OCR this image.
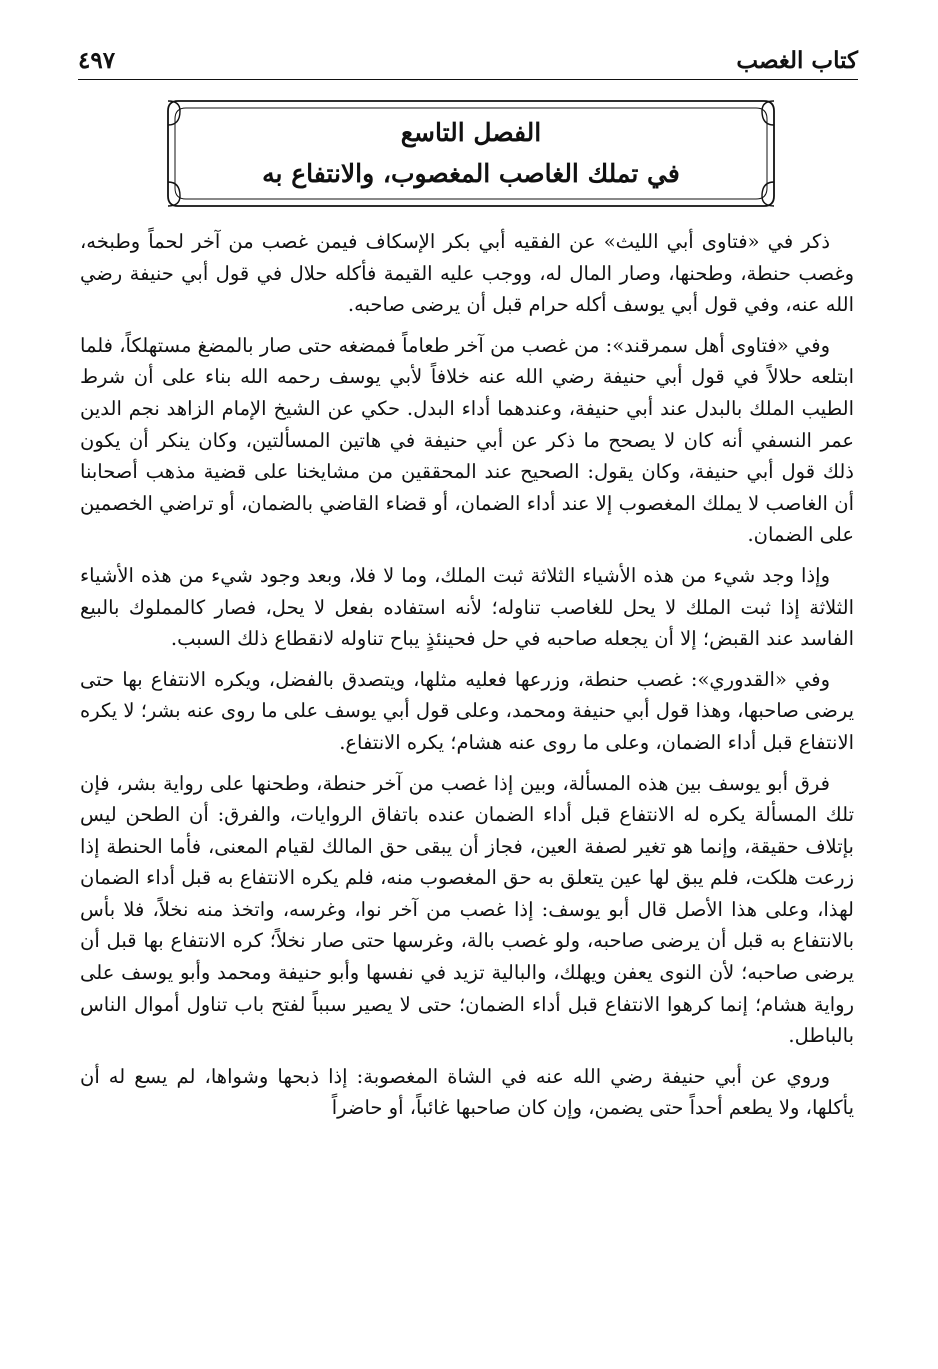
كتاب الغصب
٤٩٧
الفصل التاسع
في تملك الغاصب المغصوب، والانتفاع به

ذكر في «فتاوى أبي الليث» عن الفقيه أبي بكر الإسكاف فيمن غصب من آخر لحماً وطبخه، وغصب حنطة، وطحنها، وصار المال له، ووجب عليه القيمة فأكله حلال في قول أبي حنيفة رضي الله عنه، وفي قول أبي يوسف أكله حرام قبل أن يرضى صاحبه.

وفي «فتاوى أهل سمرقند»: من غصب من آخر طعاماً فمضغه حتى صار بالمضغ مستهلكاً، فلما ابتلعه حلالاً في قول أبي حنيفة رضي الله عنه خلافاً لأبي يوسف رحمه الله بناء على أن شرط الطيب الملك بالبدل عند أبي حنيفة، وعندهما أداء البدل. حكي عن الشيخ الإمام الزاهد نجم الدين عمر النسفي أنه كان لا يصحح ما ذكر عن أبي حنيفة في هاتين المسألتين، وكان ينكر أن يكون ذلك قول أبي حنيفة، وكان يقول: الصحيح عند المحققين من مشايخنا على قضية مذهب أصحابنا أن الغاصب لا يملك المغصوب إلا عند أداء الضمان، أو قضاء القاضي بالضمان، أو تراضي الخصمين على الضمان.

وإذا وجد شيء من هذه الأشياء الثلاثة ثبت الملك، وما لا فلا، وبعد وجود شيء من هذه الأشياء الثلاثة إذا ثبت الملك لا يحل للغاصب تناوله؛ لأنه استفاده بفعل لا يحل، فصار كالمملوك بالبيع الفاسد عند القبض؛ إلا أن يجعله صاحبه في حل فحينئذٍ يباح تناوله لانقطاع ذلك السبب.

وفي «القدوري»: غصب حنطة، وزرعها فعليه مثلها، ويتصدق بالفضل، ويكره الانتفاع بها حتى يرضى صاحبها، وهذا قول أبي حنيفة ومحمد، وعلى قول أبي يوسف على ما روى عنه بشر؛ لا يكره الانتفاع قبل أداء الضمان، وعلى ما روى عنه هشام؛ يكره الانتفاع.

فرق أبو يوسف بين هذه المسألة، وبين إذا غصب من آخر حنطة، وطحنها على رواية بشر، فإن تلك المسألة يكره له الانتفاع قبل أداء الضمان عنده باتفاق الروايات، والفرق: أن الطحن ليس بإتلاف حقيقة، وإنما هو تغير لصفة العين، فجاز أن يبقى حق المالك لقيام المعنى، فأما الحنطة إذا زرعت هلكت، فلم يبق لها عين يتعلق به حق المغصوب منه، فلم يكره الانتفاع به قبل أداء الضمان لهذا، وعلى هذا الأصل قال أبو يوسف: إذا غصب من آخر نوا، وغرسه، واتخذ منه نخلاً، فلا بأس بالانتفاع به قبل أن يرضى صاحبه، ولو غصب بالة، وغرسها حتى صار نخلاً؛ كره الانتفاع بها قبل أن يرضى صاحبه؛ لأن النوى يعفن ويهلك، والبالية تزيد في نفسها وأبو حنيفة ومحمد وأبو يوسف على رواية هشام؛ إنما كرهوا الانتفاع قبل أداء الضمان؛ حتى لا يصير سبباً لفتح باب تناول أموال الناس بالباطل.

وروي عن أبي حنيفة رضي الله عنه في الشاة المغصوبة: إذا ذبحها وشواها، لم يسع له أن يأكلها، ولا يطعم أحداً حتى يضمن، وإن كان صاحبها غائباً، أو حاضراً
